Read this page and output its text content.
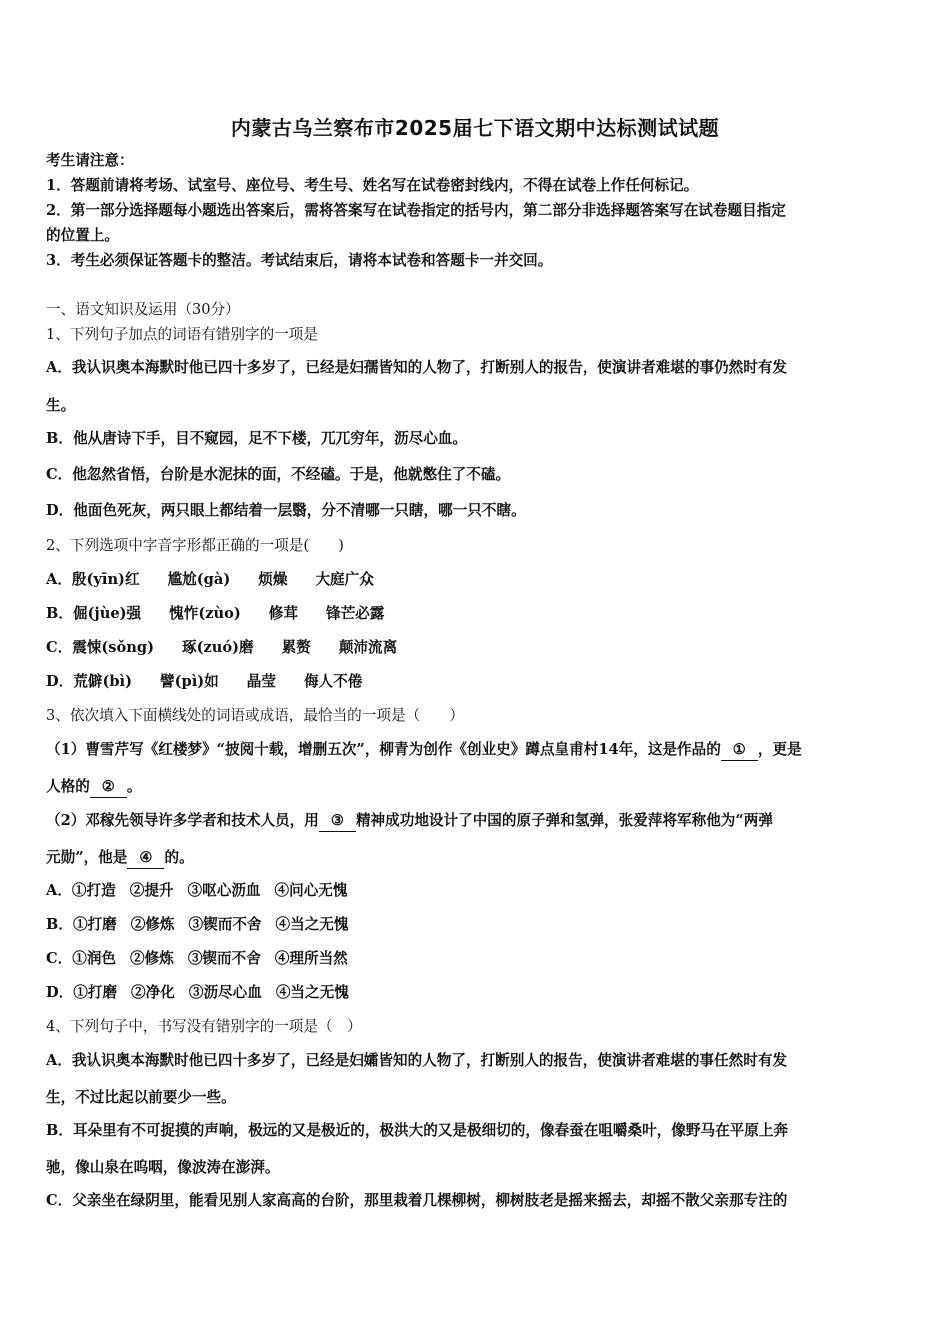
内蒙古乌兰察布市2025届七下语文期中达标测试试题
考生请注意：
1．答题前请将考场、试室号、座位号、考生号、姓名写在试卷密封线内，不得在试卷上作任何标记。
2．第一部分选择题每小题选出答案后，需将答案写在试卷指定的括号内，第二部分非选择题答案写在试卷题目指定
的位置上。
3．考生必须保证答题卡的整洁。考试结束后，请将本试卷和答题卡一并交回。
一、语文知识及运用（30分）
1、下列句子加点的词语有错别字的一项是
A．我认识奥本海默时他已四十多岁了，已经是妇孺皆知的人物了，打断别人的报告，使演讲者难堪的事仍然时有发
生。
B．他从唐诗下手，目不窥园，足不下楼，兀兀穷年，沥尽心血。
C．他忽然省悟，台阶是水泥抹的面，不经磕。于是，他就憋住了不磕。
D．他面色死灰，两只眼上都结着一层翳，分不清哪一只瞎，哪一只不瞎。
2、下列选项中字音字形都正确的一项是(　　)
A．殷(yīn)红 尴尬(gà) 烦燥 大庭广众
B．倔(jùe)强 愧怍(zùo) 修茸 锋芒必露
C．震悚(sǒng) 琢(zuó)磨 累赘 颠沛流离
D．荒僻(bì) 譬(pì)如 晶莹 侮人不倦
3、依次填入下面横线处的词语或成语，最恰当的一项是（　　）
（1）曹雪芹写《红楼梦》“披阅十载，增删五次”，柳青为创作《创业史》蹲点皇甫村14年，这是作品的 ① ，更是
人格的 ② 。
（2）邓稼先领导许多学者和技术人员，用 ③ 精神成功地设计了中国的原子弹和氢弹，张爱萍将军称他为“两弹
元勋”，他是 ④ 的。
A．①打造 ②提升 ③呕心沥血 ④问心无愧
B．①打磨 ②修炼 ③锲而不舍 ④当之无愧
C．①润色 ②修炼 ③锲而不舍 ④理所当然
D．①打磨 ②净化 ③沥尽心血 ④当之无愧
4、下列句子中，书写没有错别字的一项是（　）
A．我认识奥本海默时他已四十多岁了，已经是妇孀皆知的人物了，打断别人的报告，使演讲者难堪的事任然时有发
生，不过比起以前要少一些。
B．耳朵里有不可捉摸的声响，极远的又是极近的，极洪大的又是极细切的，像春蚕在咀嚼桑叶，像野马在平原上奔
驰，像山泉在呜咽，像波涛在澎湃。
C．父亲坐在绿阴里，能看见别人家高高的台阶，那里栽着几棵柳树，柳树肢老是摇来摇去，却摇不散父亲那专注的
